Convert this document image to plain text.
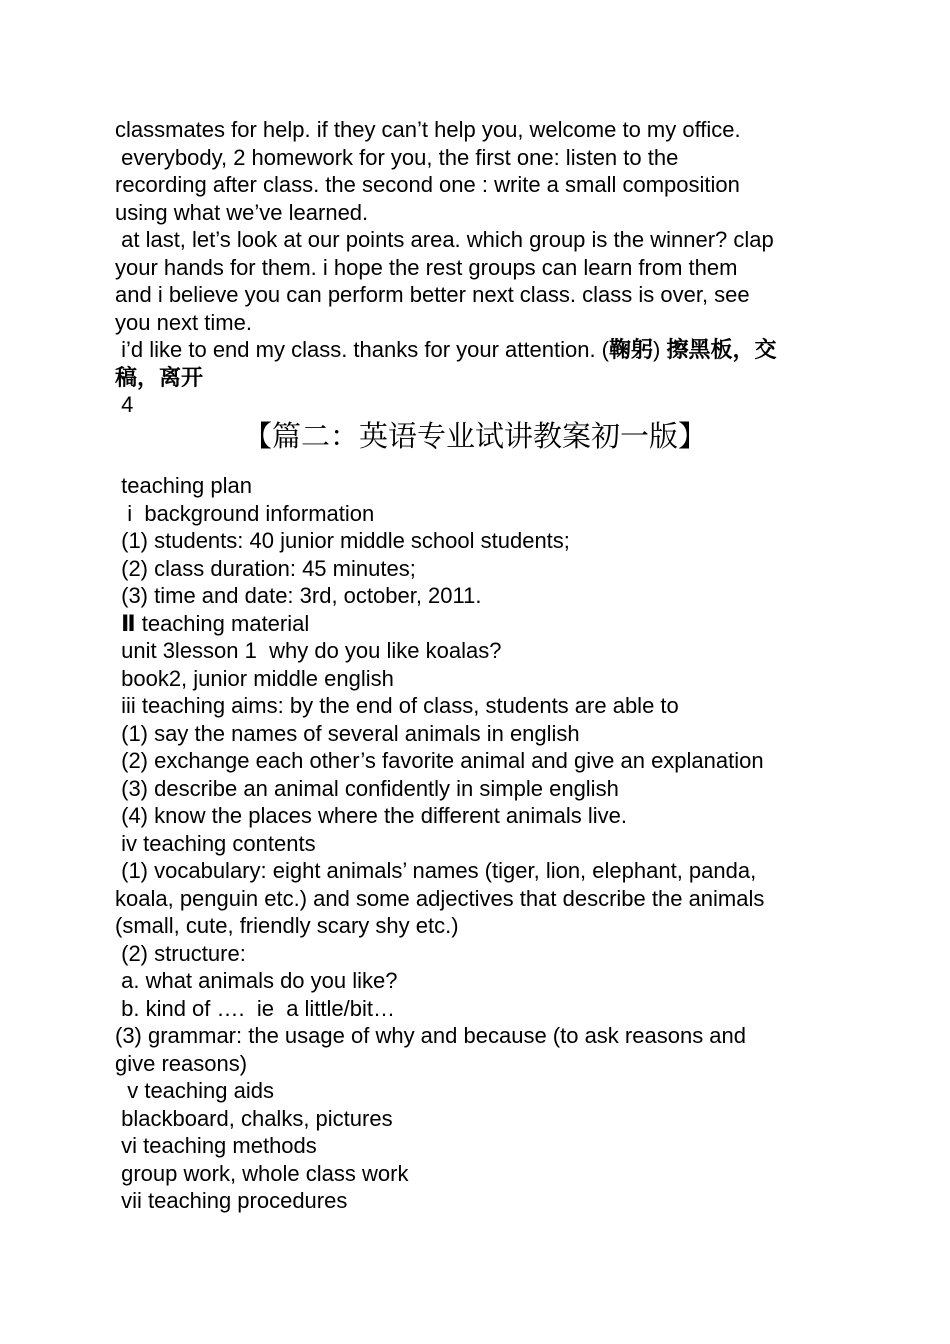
classmates for help. if they can’t help you, welcome to my office.
everybody, 2 homework for you, the first one: listen to the
recording after class. the second one : write a small composition
using what we’ve learned.
at last, let’s look at our points area. which group is the winner? clap
your hands for them. i hope the rest groups can learn from them
and i believe you can perform better next class. class is over, see
you next time.
i’d like to end my class. thanks for your attention. (鞠躬) 擦黑板，交
稿，离开
4
【篇二：英语专业试讲教案初一版】
teaching plan
i  background information
(1) students: 40 junior middle school students;
(2) class duration: 45 minutes;
(3) time and date: 3rd, october, 2011.
Ⅱ teaching material
unit 3lesson 1  why do you like koalas?
book2, junior middle english
iii teaching aims: by the end of class, students are able to
(1) say the names of several animals in english
(2) exchange each other’s favorite animal and give an explanation
(3) describe an animal confidently in simple english
(4) know the places where the different animals live.
iv teaching contents
(1) vocabulary: eight animals’ names (tiger, lion, elephant, panda,
koala, penguin etc.) and some adjectives that describe the animals
(small, cute, friendly scary shy etc.)
(2) structure:
a. what animals do you like?
b. kind of ….  ie  a little/bit…
(3) grammar: the usage of why and because (to ask reasons and
give reasons)
v teaching aids
blackboard, chalks, pictures
vi teaching methods
group work, whole class work
vii teaching procedures
